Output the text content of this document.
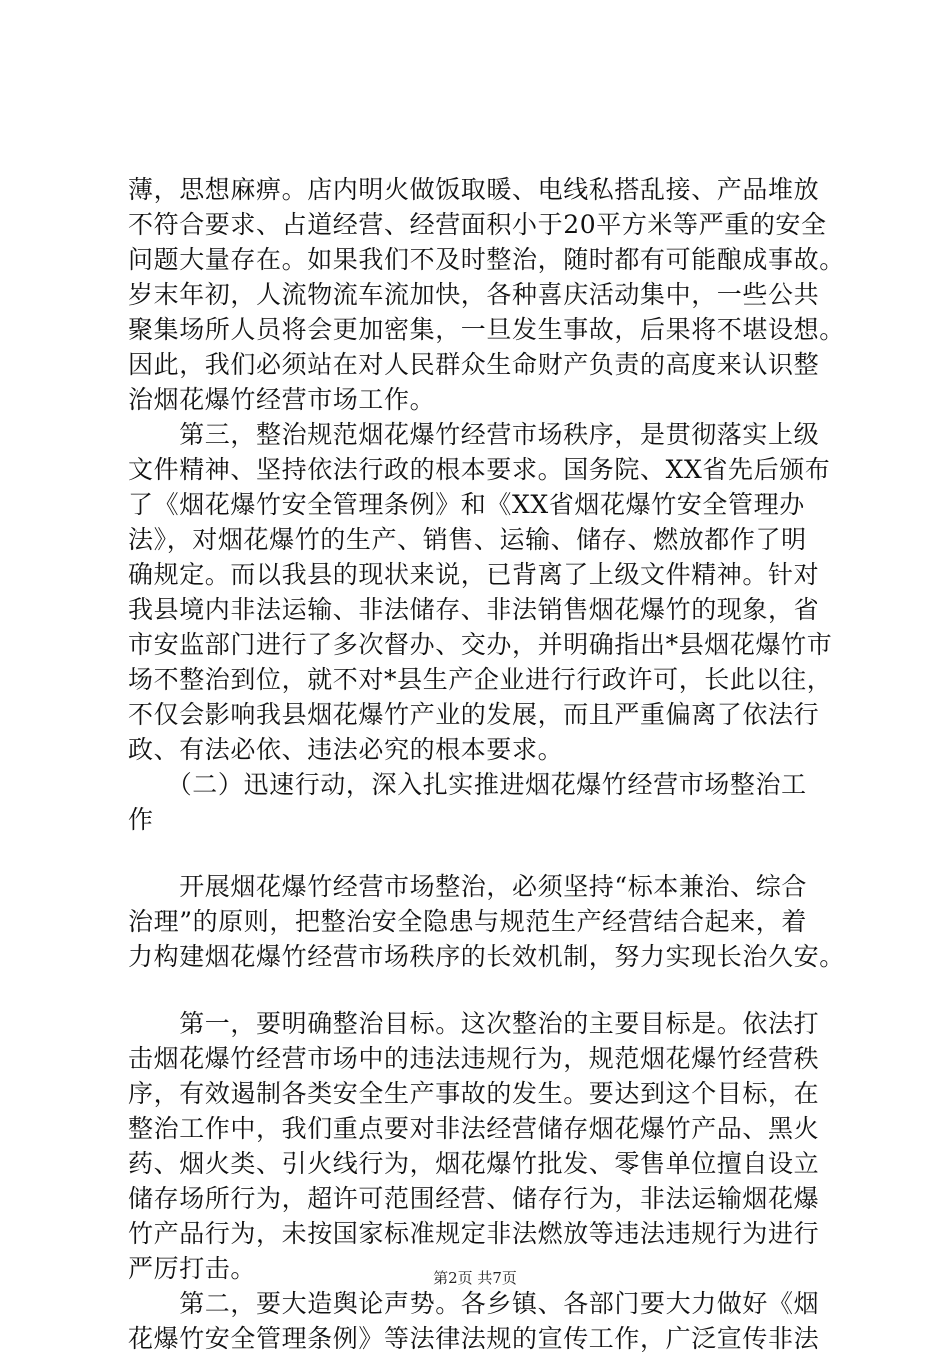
薄，思想麻痹。店内明火做饭取暖、电线私搭乱接、产品堆放
不符合要求、占道经营、经营面积小于20平方米等严重的安全
问题大量存在。如果我们不及时整治，随时都有可能酿成事故。
岁末年初，人流物流车流加快，各种喜庆活动集中，一些公共
聚集场所人员将会更加密集，一旦发生事故，后果将不堪设想。
因此，我们必须站在对人民群众生命财产负责的高度来认识整
治烟花爆竹经营市场工作。
　　第三，整治规范烟花爆竹经营市场秩序，是贯彻落实上级
文件精神、坚持依法行政的根本要求。国务院、XX省先后颁布
了《烟花爆竹安全管理条例》和《XX省烟花爆竹安全管理办
法》，对烟花爆竹的生产、销售、运输、储存、燃放都作了明
确规定。而以我县的现状来说，已背离了上级文件精神。针对
我县境内非法运输、非法储存、非法销售烟花爆竹的现象，省
市安监部门进行了多次督办、交办，并明确指出*县烟花爆竹市
场不整治到位，就不对*县生产企业进行行政许可，长此以往，
不仅会影响我县烟花爆竹产业的发展，而且严重偏离了依法行
政、有法必依、违法必究的根本要求。
　　（二）迅速行动，深入扎实推进烟花爆竹经营市场整治工
作
　　开展烟花爆竹经营市场整治，必须坚持“标本兼治、综合
治理”的原则，把整治安全隐患与规范生产经营结合起来，着
力构建烟花爆竹经营市场秩序的长效机制，努力实现长治久安。
　　第一，要明确整治目标。这次整治的主要目标是。依法打
击烟花爆竹经营市场中的违法违规行为，规范烟花爆竹经营秩
序，有效遏制各类安全生产事故的发生。要达到这个目标，在
整治工作中，我们重点要对非法经营储存烟花爆竹产品、黑火
药、烟火类、引火线行为，烟花爆竹批发、零售单位擅自设立
储存场所行为，超许可范围经营、储存行为，非法运输烟花爆
竹产品行为，未按国家标准规定非法燃放等违法违规行为进行
严厉打击。
　　第二，要大造舆论声势。各乡镇、各部门要大力做好《烟
花爆竹安全管理条例》等法律法规的宣传工作，广泛宣传非法
第2页 共7页
